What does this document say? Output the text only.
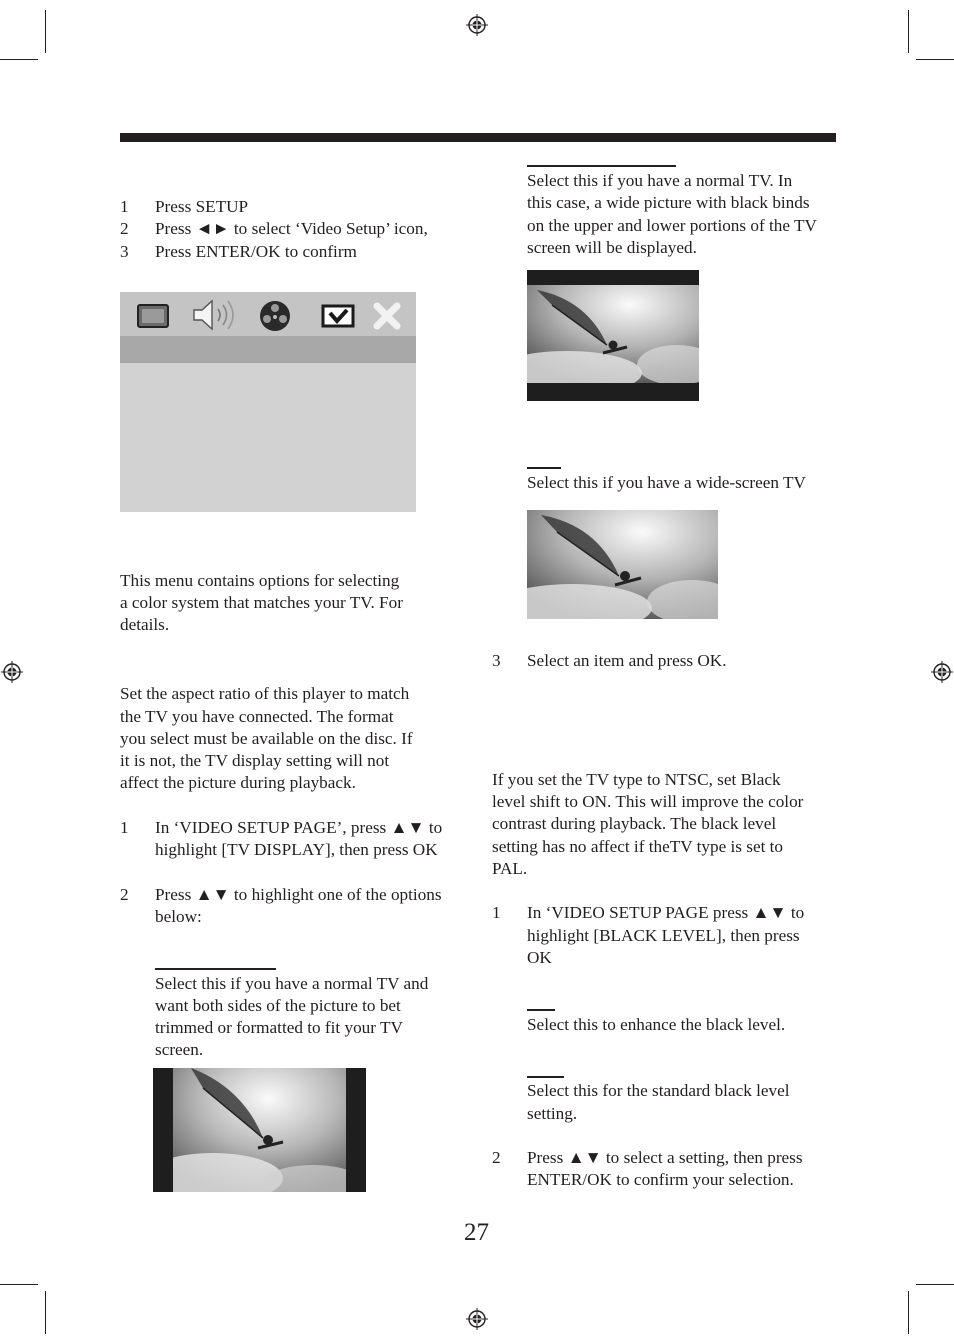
1 Press SETUP
2 Press ◄► to select ‘Video Setup’ icon,
3 Press ENTER/OK to confirm
This menu contains options for selecting
a color system that matches your TV. For
details.
Set the aspect ratio of this player to match
the TV you have connected. The format
you select must be available on the disc. If
it is not, the TV display setting will not
affect the picture during playback.
1 In ‘VIDEO SETUP PAGE’, press ▲▼ to
highlight [TV DISPLAY], then press OK
2 Press ▲▼ to highlight one of the options
below:
Select this if you have a normal TV and
want both sides of the picture to bet
trimmed or formatted to fit your TV
screen.
Select this if you have a normal TV. In
this case, a wide picture with black binds
on the upper and lower portions of the TV
screen will be displayed.
Select this if you have a wide-screen TV
3 Select an item and press OK.
If you set the TV type to NTSC, set Black
level shift to ON. This will improve the color
contrast during playback. The black level
setting has no affect if theTV type is set to
PAL.
1 In ‘VIDEO SETUP PAGE press ▲▼ to
highlight [BLACK LEVEL], then press
OK
Select this to enhance the black level.
Select this for the standard black level
setting.
2 Press ▲▼ to select a setting, then press
ENTER/OK to confirm your selection.
27
